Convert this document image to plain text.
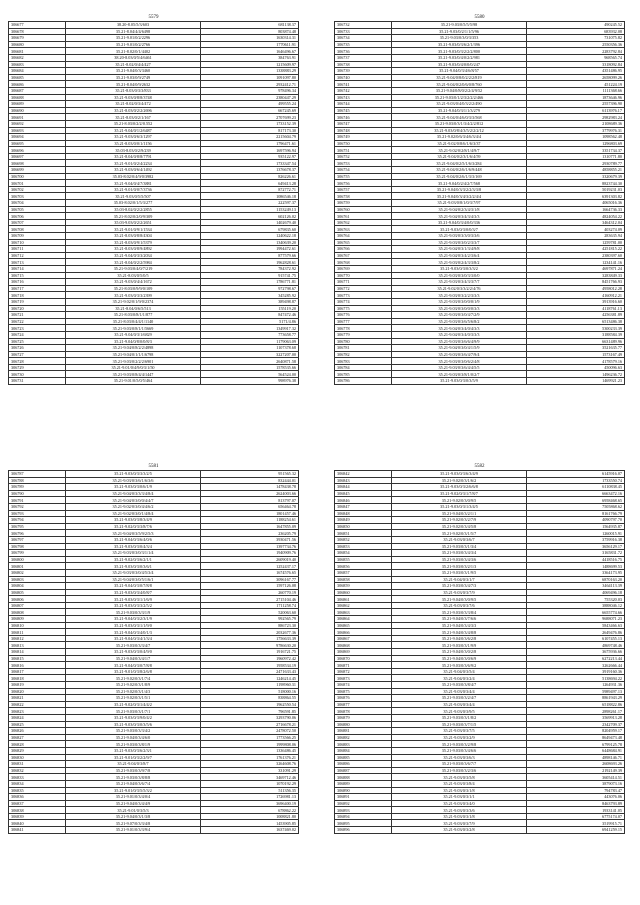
5579
306677	38.20-8.05/5/3/603	681138.37
306678	35.21-8.04/4/4/6498	803874.48
306679	35.21-9.01/0/2/2296	1630314.31
306680	35.21-9.01/0/2/2766	1770611.91
306681	35.21-8.02/0/1/4402	1646496.67
306682	38.20-8.03/0/5/4/6461	384763.91
306683	35.21-8.02/0/4/4/427	1215609.97
306684	35.21-9.04/0/3/3460	1338883.29
306685	35.21-9.03/0/9/2749	1091097.80
306686	35.21-8.04/0/9/2632	2932412.71
306687	35.21-8.03/0/3/3/833	978496.34
306688	35.21-9.03/0/8/8/3748	2380447.29
306689	35.21-8.02/0/3/4/472	499555.24
306690	35.21-8.03/0/2/2/2696	667245.69
306691	35.21-8.03/0/2/1/167	2707699.23
306692	35.21-8.03/0/2/2/0.552	1733152.39
306693	35.21-9.04/0/1/2/6487	817173.30
306694	35.21-9.03/0/6/3/1297	2215604.79
306695	35.21-8.03/0/0/1/1156	1796471.61
306696	35.03-8.03/0/2/9/239	1697596.94
306697	35.21-8.04/0/8/8/7791	935122.97
306698	35.21-9.01/0/2/4/2234	1733347.54
306699	35.21-9.03/0/6/4/1492	1376678.37
306700	35.03-8.02/0/4/9/0/3982	826226.61
306701	35.21-9.04/0/4/7/3881	649413.28
306702	35.21-9.01/0/0/7/3736	872772.71
306703	35.21-9.03/0/5/5/507	1086546.18
306704	35.03-8.02/0/1/5/3/277	222597.37
306705	35.03-8.02/0/2/2/2855	1153249.13
306706	35.21-8.02/0/2/0/9/309	602126.02
306707	35.03-9.03/0/2/2/2651	1402679.40
306708	35.21-9.01/0/9/1/1534	679835.60
306709	35.21-8.03/0/8/8/4304	1240622.18
306710	35.21-8.03/0/9/1/5379	1340639.20
306711	35.21-8.03/0/8/9/4892	1994472.61
306712	35.21-9.04/0/3/3/2034	877579.66
306713	35.21-8.04/0/2/2/5984	1962828.61
306714	35.21-9.03/0/4/0/7/219	784372.92
306715	35.21-8.03/0/5/0/5	915741.75
306716	35.21-9.03/0/4/4/1672	1786771.81
306717	35.21-8.03/0/9/9/0/109	972798.67
306718	35.21-9.03/0/3/3/2399	345285.92
306719	35.21-9.02/0/1/9/0/2374	389498.87
306720	35.21-8.04/0/6/5/513	155119.20
306721	35.21-8.03/0/8/1/1/877	847472.46
306722	35.21-8.03/0/4/4/1/1140	5171/4.86
306723	35.21-9.03/0/8/1/1/5669	1349917.32
306724	35.21-9.04/0/3/1/6829	773658.77
306725	35.21-9.04/0/8/0/0/8/3	1179063.09
306726	35.21-9.04/0/8/2/2/4898	1107378.68
306727	35.21-9.04/0/1/1/1/6798	3227207.00
306728	35.21-9.03/0/2/2/2/6901	2640871.58
306729	35.21-9.01/0/4/9/0/3/1/50	1578535.66
306730	35.21-9.03/0/8/4/4/1447	564524.00
306731	35.21-9.01/0/5/0/5/464	998976.38
5580
306732	35.21-9.03/0/5/5/5/98	490245.52
306733	35.21-9.03/0/2/1/1/5/96	683932.08
306734	35.21-9.03/0/3/0/3/353	731075.82
306735	35.21-9.03/0/3/6/2/1/396	2550356.36
306736	35.21-9.03/0/3/2/2/2/800	2283792.84
306737	35.21-9.03/0/4/0/2/2/981	968565.74
306738	35.21-9.03/0/4/0/0/0/247	3318092.84
306739	35.21-9.04/0/3/4/6/8/57	4351486.95
306740	35.21-9.04/0/8/0/2/2/2/819	2658099.26
306741	35.21-9.04/0/2/0/6/0/8/760	451224.19
306742	35.21-9.04/0/8/0/2/2/4/9/52	1111368.66
306743	35.21-9.03/0/1/2/3/2/2/2/466	1873646.96
306744	35.21-9.03/0/4/0/3/2/2/490	2557396.90
306745	35.21-9.04/0/3/1/1/3/279	6113976.17
306746	35.21-9.04/0/4/6/0/3/3/568	2982983.24
306747	35.21-9.03/0/3/1/3/4/2/2/812	2108689.36
306748	35.21-9.03/0/8/4/3/5/2/2/2/12	3779976.31
306749	35.21-9.02/0/6/3/4/6/3/4/4	1098562.48
306750	35.21-9.02/0/8/6/1/6/3/37	1296803.69
306751	35.21-9.02/0/2/8/1/4/9/7	3351734.37
306752	35.21-9.04/0/2/3/1/6/4/59	1310771.80
306753	35.21-9.04/0/2/5/1/6/3/284	2930789.77
306754	35.21-9.04/0/2/6/1/6/9/448	4858855.21
306755	35.21-9.04/0/2/6/1/3/3/169	3320679.39
306756	35.21-9.04/0/2/4/2/7/568	8823744.30
306757	35.21-9.04/0/3/3/2/2/3/3/8	5019231.03
306758	35.21-9.04/0/3/4/3/2/2/4/4	6391303.82
306759	35.21-9.03/0/8/1/0/3/7/97	4065016.36
306760	35.21-9.04/0/2/3/4/3/1/8	1664736.33
306761	35.21-9.04/0/3/4/3/4/3/3	4824054.22
306762	35.21-9.04/0/3/4/0/0/336	3464312.04
306763	35.21-9.03/0/3/0/0/3/7	403274.09
306764	35.21-9.03/0/3/3/0/3/3/6	283635.94
306765	35.21-9.03/0/3/0/2/3/3/7	1259781.00
306766	35.21-9.04/0/3/1/3/4/9/8	4251815.22
306767	35.21-9.04/0/3/4/2/3/6/4	2380397.60
306768	35.21-9.03/0/2/4/3/3/8/2	1234141.16
306769	35.21-9.03/0/3/0/3/3/2	4697871.24
306770	35.21-9.03/0/3/0/3/3/0/0	3283849.33
306771	35.21-9.03/0/3/4/3/3/7/7	8451766.93
306772	35.21-9.02/0/3/3/2/2/4/76	4958012.28
306773	35.21-9.03/0/3/2/2/3/3/3	4160912.21
306774	35.21-9.03/0/3/0/0/0/1/9	3913916.60
306775	35.21-9.03/0/3/0/0/0/3/3	4118761.13
306776	35.21-9.03/0/3/0/4/7/2/9	4256381.89
306777	35.21-9.03/0/3/6/5/6/8/2	6513486.38
306778	35.21-9.04/0/3/4/0/4/3/3	5300233.39
306779	35.21-9.04/0/3/4/0/3/3/3	3188584.39
306780	35.21-9.03/0/3/6/6/4/9/9	6631489.96
306781	35.21-9.04/0/3/0/4/1/5/9	3521635.77
306782	35.21-9.03/0/3/6/4/7/9/4	1573167.49
306783	35.21-9.03/0/3/0/6/2/4/8	4178579.16
306784	35.21-9.03/0/3/6/4/4/5/5	450096.63
306785	35.21-9.03/0/3/8/1/0/2/7	1496236.72
306786	35.21-9.03/0/3/0/3/5/9	1469921.23
5581
306787	35.21-9.03/0/3/3/3/2/5	951565.32
306788	35.21-9.03/0/3/6/1/6/3/6	832444.01
306789	35.21-9.03/0/3/0/6/1/9	1478438.78
306790	35.21-9.04/0/3/3/3/4/8/4	2624003.66
306791	35.21-9.04/0/3/0/0/4/4/7	813797.07
306792	35.21-9.02/0/3/0/4/4/6/2	656464.78
306793	35.21-9.02/0/3/0/1/4/8/4	1801457.46
306794	35.21-9.03/0/3/8/3/4/9	1188254.61
306795	35.21-9.02/0/3/3/8/7/6	1647855.09
306796	35.21-9.04/0/3/5/9/2/5/3	236205.79
306797	35.21-9.04/0/3/6/4/0/6	3930471.56
306798	35.21-9.03/0/3/0/4/3/4	1397734.76
306799	35.21-9.03/0/3/0/3/1/1/4	1940909.76
306800	35.21-9.02/0/3/6/2/1/1	2609019.40
306801	35.21-9.03/0/3/0/3/6/1	1252437.17
306802	35.21-9.03/0/3/0/4/5/3/4	1674576.65
306803	35.21-9.04/0/3/0/5/1/6/1	3096167.77
306804	35.21-9.04/0/3/0/7/8/8	1597126.08
306805	35.21-9.03/0/3/4/0/8/7	260770.19
306806	35.21-9.03/0/3/1/1/6/9	2715104.46
306807	35.21-9.03/0/3/3/2/5/2	1711258.74
306808	35.21-9.03/0/3/3/1/9	520063.60
306809	35.21-9.04/0/3/2/3/1/9	992565.79
306810	35.21-9.03/0/3/1/1/9/0	886723.30
306811	35.21-9.04/0/3/4/0/1/3	2032677.36
306812	35.21-9.04/0/3/4/1/3/4	1756633.39
306813	35.21-9.03/0/3/3/4/7	9786630.20
306814	35.21-9.03/0/3/0/4/9/0	1916721.75
306815	35.21-9.04/0/3/4/1/7	1960972.42
306816	35.21-9.04/0/3/0/7/8/8	1958534.19
306817	35.21-9.01/0/3/8/2/6/8	2471633.43
306818	35.21-9.02/0/3/1/7/4	1246214.45
306819	35.21-9.02/0/3/1/8/9	1198960.31
306820	35.21-9.02/0/3/1/4/3	518000.16
306821	35.21-9.02/0/3/1/5/1	838864.55
306822	35.21-9.02/0/3/1/4/4/2	1962550.54
306823	35.21-9.03/0/3/1/7/1	796591.85
306824	35.21-9.03/0/3/9/0/4/2	3293790.06
306825	35.21-9.03/0/3/0/3/5/6	2716678.21
306826	35.21-9.03/0/3/3/4/2	2478072.50
306827	35.21-9.04/0/3/4/6/0	1773566.25
306828	35.21-9.03/0/3/8/1/9	1999808.06
306829	35.21-9.03/0/3/6/2/3/1	1336486.45
306830	35.21-9.01/0/3/2/2/9/7	1761376.21
306831	35.21-9.04/0/3/8/7	3264608.76
306832	35.21-9.03/0/3/9/7/8	331091.29
306833	35.21-9.03/0/3/8/8/8	3469712.46
306834	35.21-9.04/0/3/6/7/4	1070192.29
306835	35.21-9.01/0/3/5/5/3/2	511356.35
306836	35.21-9.01/0/3/4/0/4	1726981.13
306837	35.21-9.04/0/3/4/4/9	3696400.19
306838	35.21-9.01/0/3/5/3	678862.22
306839	35.21-9.04/0/3/1/3/8	1008821.80
306840	35.21-9.07/0/3/3/4/8	1453905.85
306841	35.21-9.01/0/3/3/9/4	1637469.02
5582
306842	35.21-9.03/0/3/6/3/4/9	6145916.07
306843	35.21-9.02/0/3/1/6/2	1733550.74
306844	35.21-9.03/0/3/2/6/6/8	6110838.45
306845	35.21-9.02/0/3/1/7/8/7	6663472.16
306846	35.21-9.02/0/3/0/9/5	6958468.65
306847	35.21-9.03/0/3/1/3/4/5	7505868.62
306848	35.21-9.04/0/3/2/1/1	8161766.79
306849	35.21-9.02/0/3/2/7/9	4090797.70
306850	35.21-9.02/0/3/4/5/8	1564935.87
306851	35.21-9.02/0/3/1/5/7	1260015.91
306852	35.21-9.03/0/3/6/7	3759916.38
306853	35.21-9.03/0/3/1/3/4	3656129.17
306854	35.21-9.03/0/3/4/3/4	3165831.72
306855	35.21-9.03/0/3/4/3/6	4418516.75
306856	35.21-9.03/0/3/2/1/3	1488699.53
306857	35.21-9.03/0/3/1/9/5	3364173.95
306858	35.21-9.04/0/3/1/7	6870163.20
306859	35.21-9.03/0/3/4/7/3	3464113.39
306860	35.21-9.03/0/3/7/9	4069496.18
306861	35.21-9.04/0/3/0/9/5	755320.03
306862	35.21-9.03/0/3/7/6	3888046.12
306863	35.21-9.03/0/3/3/8/4	6655774.66
306864	35.21-9.04/0/3/7/6/6	9688071.23
306865	35.21-9.04/0/3/4/3/3	5843466.63
306866	35.21-9.04/0/3/4/8/8	2649476.86
306867	35.21-9.04/0/3/6/2/8	6107455.13
306868	35.21-9.03/0/3/1/9/9	4869748.46
306869	35.21-9.04/0/3/0/2/8	3675936.66
306870	35.21-9.04/0/3/0/6/9	6272213.44
306871	35.21-9.03/0/3/6/9/2	3262666.44
306872	35.21-9.04/0/3/5/4	3919160.36
306873	35.21-9.04/0/3/2/4	5138694.22
306874	35.21-9.03/0/3/8/4/7	1264931.36
306875	35.21-9.03/0/3/4/4	5989497.13
306876	35.21-9.03/0/3/2/4/7	8861943.29
306877	35.21-9.03/0/3/4/4	6518822.86
306878	35.21-9.03/0/3/9/5	2898261.17
306879	35.21-9.03/0/3/1/8/2	3569913.28
306880	35.21-9.03/0/3/7/1/5	2342709.37
306881	35.21-9.03/0/3/7/5	8204959.17
306882	35.21-9.03/0/3/2/9	8649473.48
306883	35.21-9.03/0/3/2/9/8	6799125.78
306884	35.21-9.03/0/3/4/6/6	6448684.91
306885	35.21-9.03/0/3/6/3	4898146.71
306886	35.21-9.03/0/3/6/7/7	2608693.26
306887	35.21-9.03/0/3/2/3/6	2192149.39
306888	35.21-9.03/0/3/5/8	3605414.51
306889	35.21-9.03/0/3/8/4	3879073.16
306890	35.21-9.03/0/3/1/8	794783.47
306891	35.21-9.03/0/3/1/1	443076.06
306892	35.21-9.03/0/3/4/0	8463793.89
306893	35.21-9.03/0/3/3/6	1933141.05
306894	35.21-9.03/0/3/1/8	6775174.07
306895	35.21-9.03/0/3/7/9	3519915.71
306896	35.21-9.03/0/3/2/8	6941259.15
